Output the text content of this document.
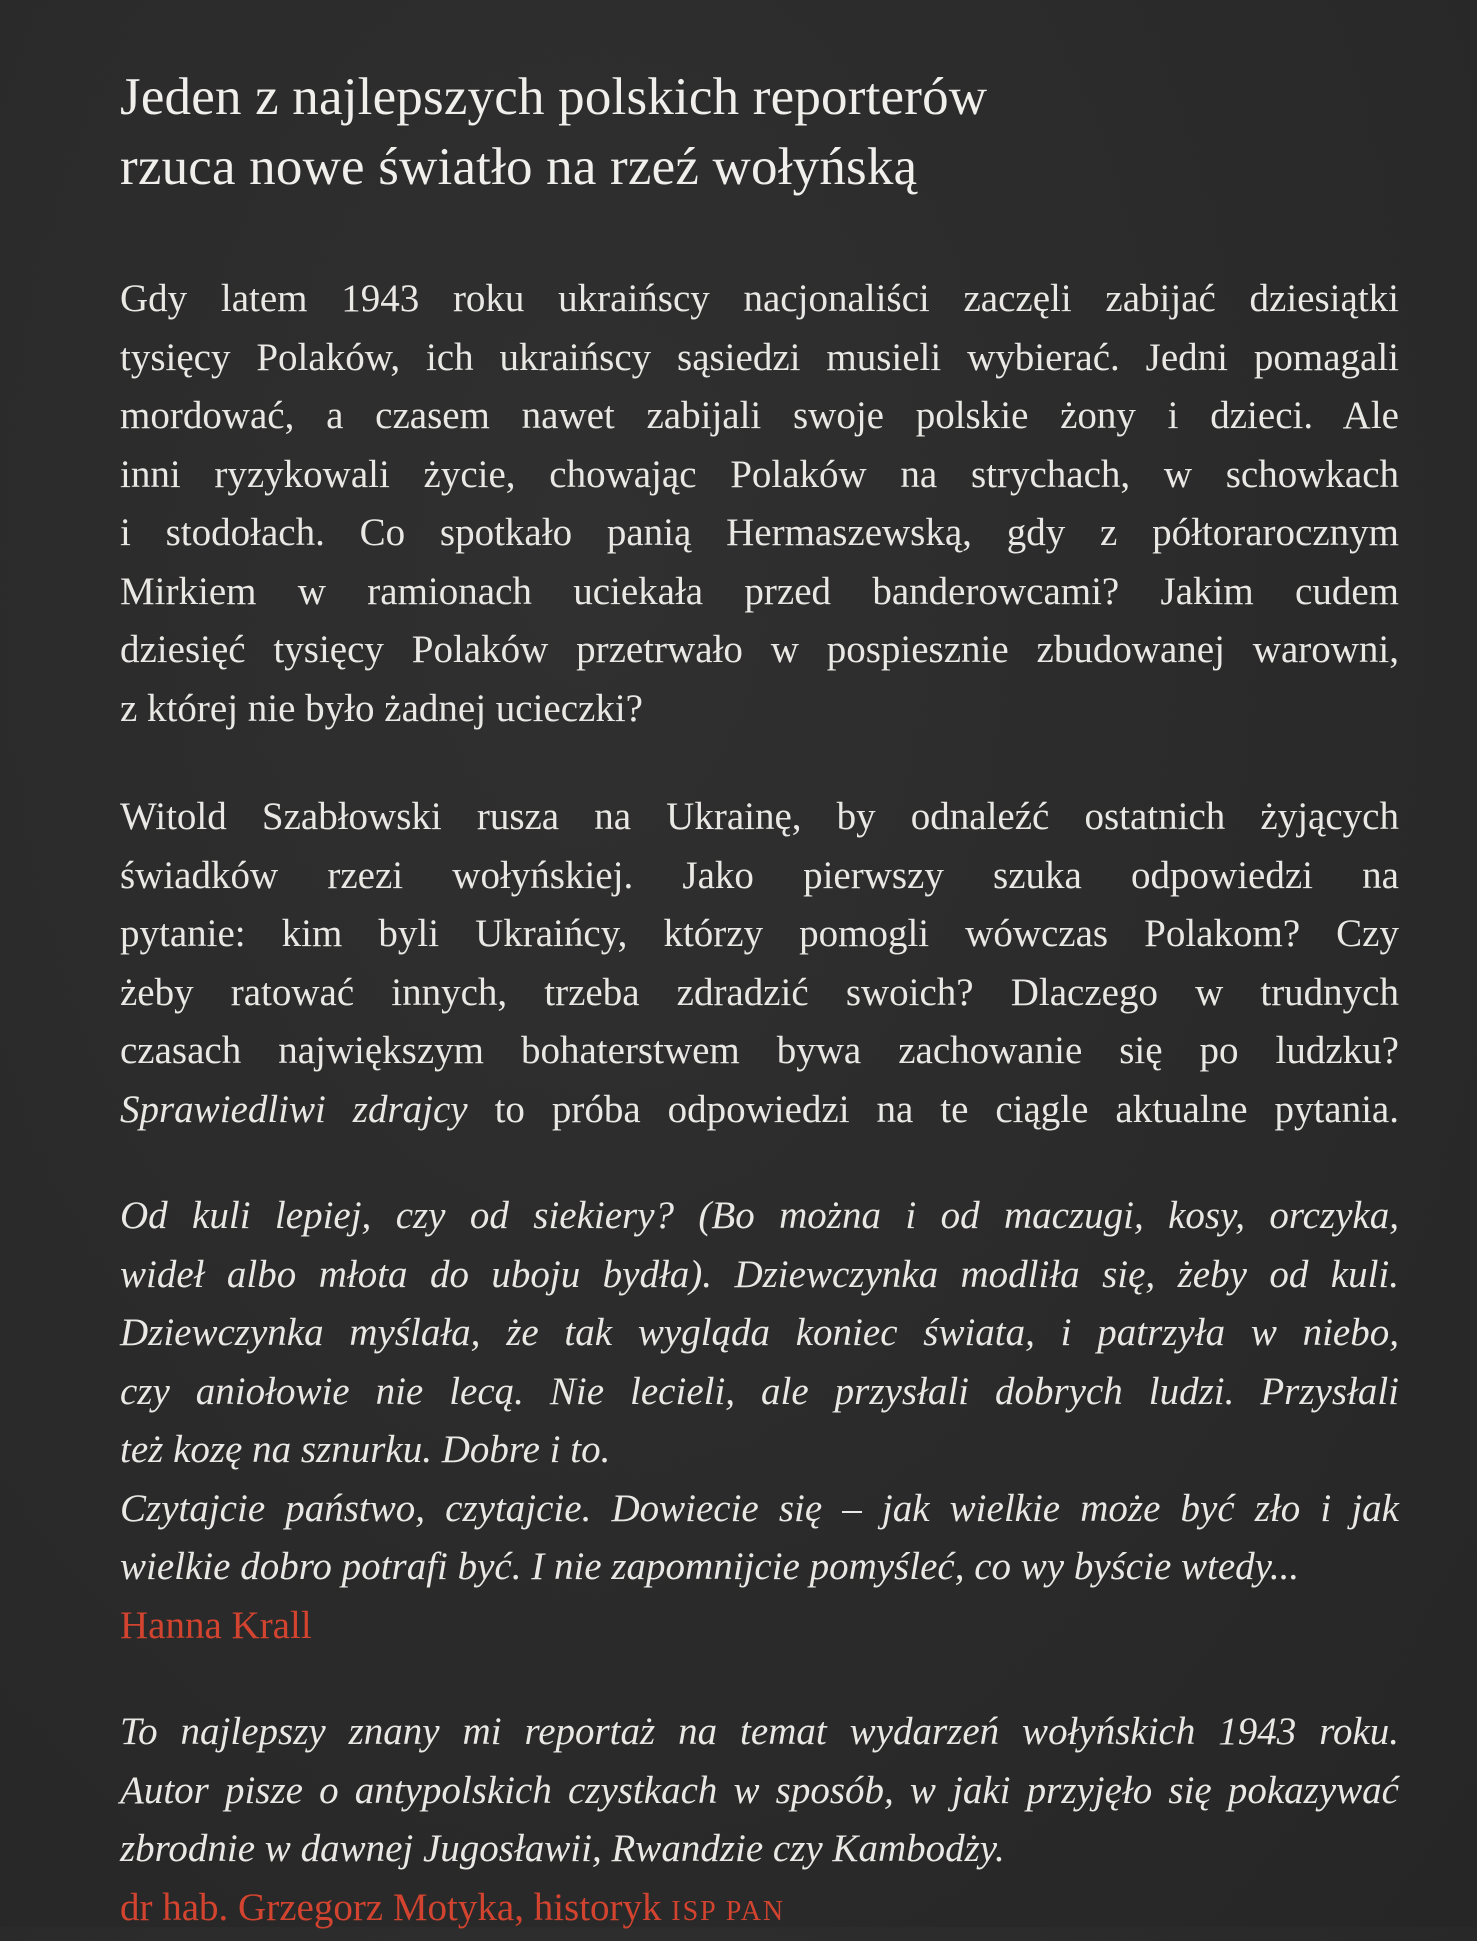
Jeden z najlepszych polskich reporterów
rzuca nowe światło na rzeź wołyńską

Gdy latem 1943 roku ukraińscy nacjonaliści zaczęli zabijać dziesiątki
tysięcy Polaków, ich ukraińscy sąsiedzi musieli wybierać. Jedni pomagali
mordować, a czasem nawet zabijali swoje polskie żony i dzieci. Ale
inni ryzykowali życie, chowając Polaków na strychach, w schowkach
i stodołach. Co spotkało panią Hermaszewską, gdy z półtorarocznym
Mirkiem w ramionach uciekała przed banderowcami? Jakim cudem
dziesięć tysięcy Polaków przetrwało w pospiesznie zbudowanej warowni,
z której nie było żadnej ucieczki?

Witold Szabłowski rusza na Ukrainę, by odnaleźć ostatnich żyjących
świadków rzezi wołyńskiej. Jako pierwszy szuka odpowiedzi na
pytanie: kim byli Ukraińcy, którzy pomogli wówczas Polakom? Czy
żeby ratować innych, trzeba zdradzić swoich? Dlaczego w trudnych
czasach największym bohaterstwem bywa zachowanie się po ludzku?
Sprawiedliwi zdrajcy to próba odpowiedzi na te ciągle aktualne pytania.

Od kuli lepiej, czy od siekiery? (Bo można i od maczugi, kosy, orczyka,
wideł albo młota do uboju bydła). Dziewczynka modliła się, żeby od kuli.
Dziewczynka myślała, że tak wygląda koniec świata, i patrzyła w niebo,
czy aniołowie nie lecą. Nie lecieli, ale przysłali dobrych ludzi. Przysłali
też kozę na sznurku. Dobre i to.
Czytajcie państwo, czytajcie. Dowiecie się – jak wielkie może być zło i jak
wielkie dobro potrafi być. I nie zapomnijcie pomyśleć, co wy byście wtedy...

Hanna Krall

To najlepszy znany mi reportaż na temat wydarzeń wołyńskich 1943 roku.
Autor pisze o antypolskich czystkach w sposób, w jaki przyjęło się pokazywać
zbrodnie w dawnej Jugosławii, Rwandzie czy Kambodży.

dr hab. Grzegorz Motyka, historyk ISP PAN
